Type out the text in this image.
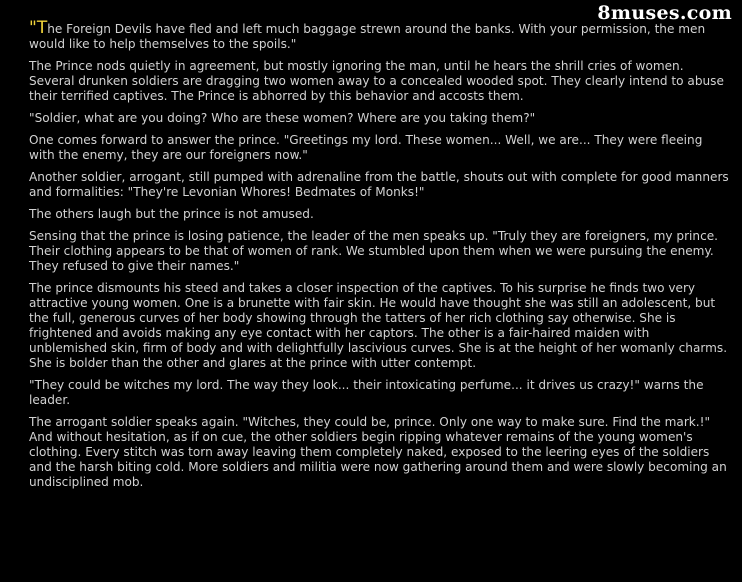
8muses.com

"The Foreign Devils have fled and left much baggage strewn around the banks. With your permission, the men would like to help themselves to the spoils."

The Prince nods quietly in agreement, but mostly ignoring the man, until he hears the shrill cries of women. Several drunken soldiers are dragging two women away to a concealed wooded spot. They clearly intend to abuse their terrified captives. The Prince is abhorred by this behavior and accosts them.

"Soldier, what are you doing? Who are these women? Where are you taking them?"

One comes forward to answer the prince. "Greetings my lord. These women... Well, we are... They were fleeing with the enemy, they are our foreigners now."

Another soldier, arrogant, still pumped with adrenaline from the battle, shouts out with complete for good manners and formalities: "They're Levonian Whores! Bedmates of Monks!"

The others laugh but the prince is not amused.

Sensing that the prince is losing patience, the leader of the men speaks up. "Truly they are foreigners, my prince. Their clothing appears to be that of women of rank. We stumbled upon them when we were pursuing the enemy. They refused to give their names."

The prince dismounts his steed and takes a closer inspection of the captives. To his surprise he finds two very attractive young women. One is a brunette with fair skin. He would have thought she was still an adolescent, but the full, generous curves of her body showing through the tatters of her rich clothing say otherwise. She is frightened and avoids making any eye contact with her captors. The other is a fair-haired maiden with unblemished skin, firm of body and with delightfully lascivious curves. She is at the height of her womanly charms. She is bolder than the other and glares at the prince with utter contempt.

"They could be witches my lord. The way they look... their intoxicating perfume... it drives us crazy!" warns the leader.

The arrogant soldier speaks again. "Witches, they could be, prince. Only one way to make sure. Find the mark.!" And without hesitation, as if on cue, the other soldiers begin ripping whatever remains of the young women's clothing. Every stitch was torn away leaving them completely naked, exposed to the leering eyes of the soldiers and the harsh biting cold. More soldiers and militia were now gathering around them and were slowly becoming an undisciplined mob.
